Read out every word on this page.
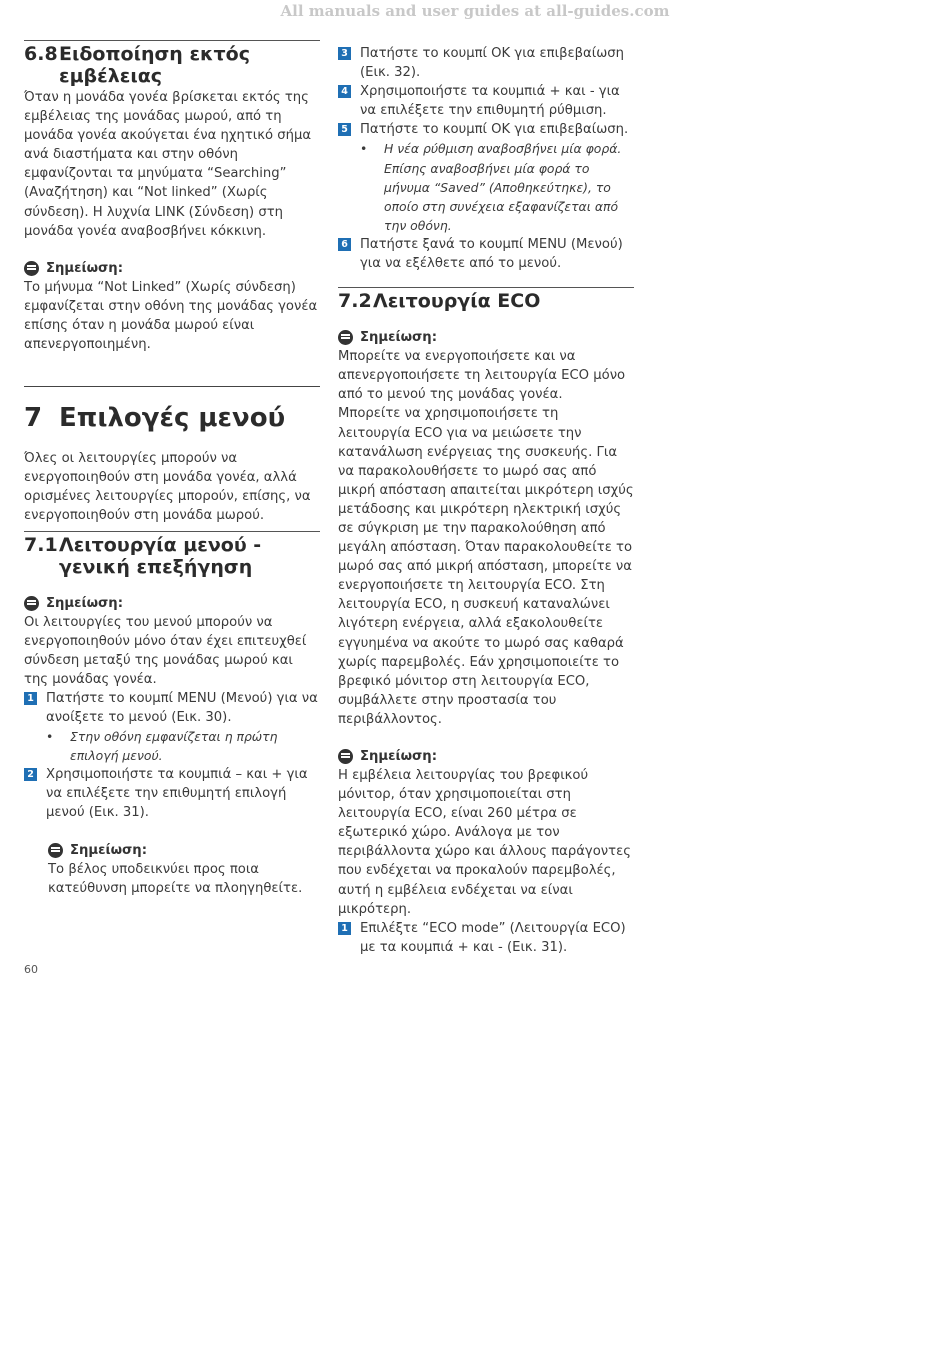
All manuals and user guides at all-guides.com
6.8 Ειδοποίηση εκτός εμβέλειας

Όταν η μονάδα γονέα βρίσκεται εκτός της εμβέλειας της μονάδας μωρού, από τη μονάδα γονέα ακούγεται ένα ηχητικό σήμα ανά διαστήματα και στην οθόνη εμφανίζονται τα μηνύματα “Searching” (Αναζήτηση) και “Not linked” (Χωρίς σύνδεση). Η λυχνία LINK (Σύνδεση) στη μονάδα γονέα αναβοσβήνει κόκκινη.

Σημείωση:

Το μήνυμα “Not Linked” (Χωρίς σύνδεση) εμφανίζεται στην οθόνη της μονάδας γονέα επίσης όταν η μονάδα μωρού είναι απενεργοποιημένη.

7 Επιλογές μενού

Όλες οι λειτουργίες μπορούν να ενεργοποιηθούν στη μονάδα γονέα, αλλά ορισμένες λειτουργίες μπορούν, επίσης, να ενεργοποιηθούν στη μονάδα μωρού.

7.1 Λειτουργία μενού - γενική επεξήγηση
Σημείωση:

Οι λειτουργίες του μενού μπορούν να ενεργοποιηθούν μόνο όταν έχει επιτευχθεί σύνδεση μεταξύ της μονάδας μωρού και της μονάδας γονέα.

1 Πατήστε το κουμπί MENU (Μενού) για να ανοίξετε το μενού (Εικ. 30).
•	Στην οθόνη εμφανίζεται η πρώτη επιλογή μενού.
2 Χρησιμοποιήστε τα κουμπιά – και + για να επιλέξετε την επιθυμητή επιλογή μενού (Εικ. 31).
Σημείωση:

Το βέλος υποδεικνύει προς ποια κατεύθυνση μπορείτε να πλοηγηθείτε.

3 Πατήστε το κουμπί OK για επιβεβαίωση (Εικ. 32).
4 Χρησιμοποιήστε τα κουμπιά + και - για να επιλέξετε την επιθυμητή ρύθμιση.
5 Πατήστε το κουμπί OK για επιβεβαίωση.
•	Η νέα ρύθμιση αναβοσβήνει μία φορά. Επίσης αναβοσβήνει μία φορά το μήνυμα “Saved” (Αποθηκεύτηκε), το οποίο στη συνέχεια εξαφανίζεται από την οθόνη.
6 Πατήστε ξανά το κουμπί MENU (Μενού) για να εξέλθετε από το μενού.
7.2 Λειτουργία ECO
Σημείωση:

Μπορείτε να ενεργοποιήσετε και να απενεργοποιήσετε τη λειτουργία ECO μόνο από το μενού της μονάδας γονέα.

Μπορείτε να χρησιμοποιήσετε τη λειτουργία ECO για να μειώσετε την κατανάλωση ενέργειας της συσκευής. Για να παρακολουθήσετε το μωρό σας από μικρή απόσταση απαιτείται μικρότερη ισχύς μετάδοσης και μικρότερη ηλεκτρική ισχύς σε σύγκριση με την παρακολούθηση από μεγάλη απόσταση. Όταν παρακολουθείτε το μωρό σας από μικρή απόσταση, μπορείτε να ενεργοποιήσετε τη λειτουργία ECO. Στη λειτουργία ECO, η συσκευή καταναλώνει λιγότερη ενέργεια, αλλά εξακολουθείτε εγγυημένα να ακούτε το μωρό σας καθαρά χωρίς παρεμβολές. Εάν χρησιμοποιείτε το βρεφικό μόνιτορ στη λειτουργία ECO, συμβάλλετε στην προστασία του περιβάλλοντος.

Σημείωση:

Η εμβέλεια λειτουργίας του βρεφικού μόνιτορ, όταν χρησιμοποιείται στη λειτουργία ECO, είναι 260 μέτρα σε εξωτερικό χώρο. Ανάλογα με τον περιβάλλοντα χώρο και άλλους παράγοντες που ενδέχεται να προκαλούν παρεμβολές, αυτή η εμβέλεια ενδέχεται να είναι μικρότερη.

1 Επιλέξτε “ECO mode” (Λειτουργία ECO) με τα κουμπιά + και - (Εικ. 31).
60
